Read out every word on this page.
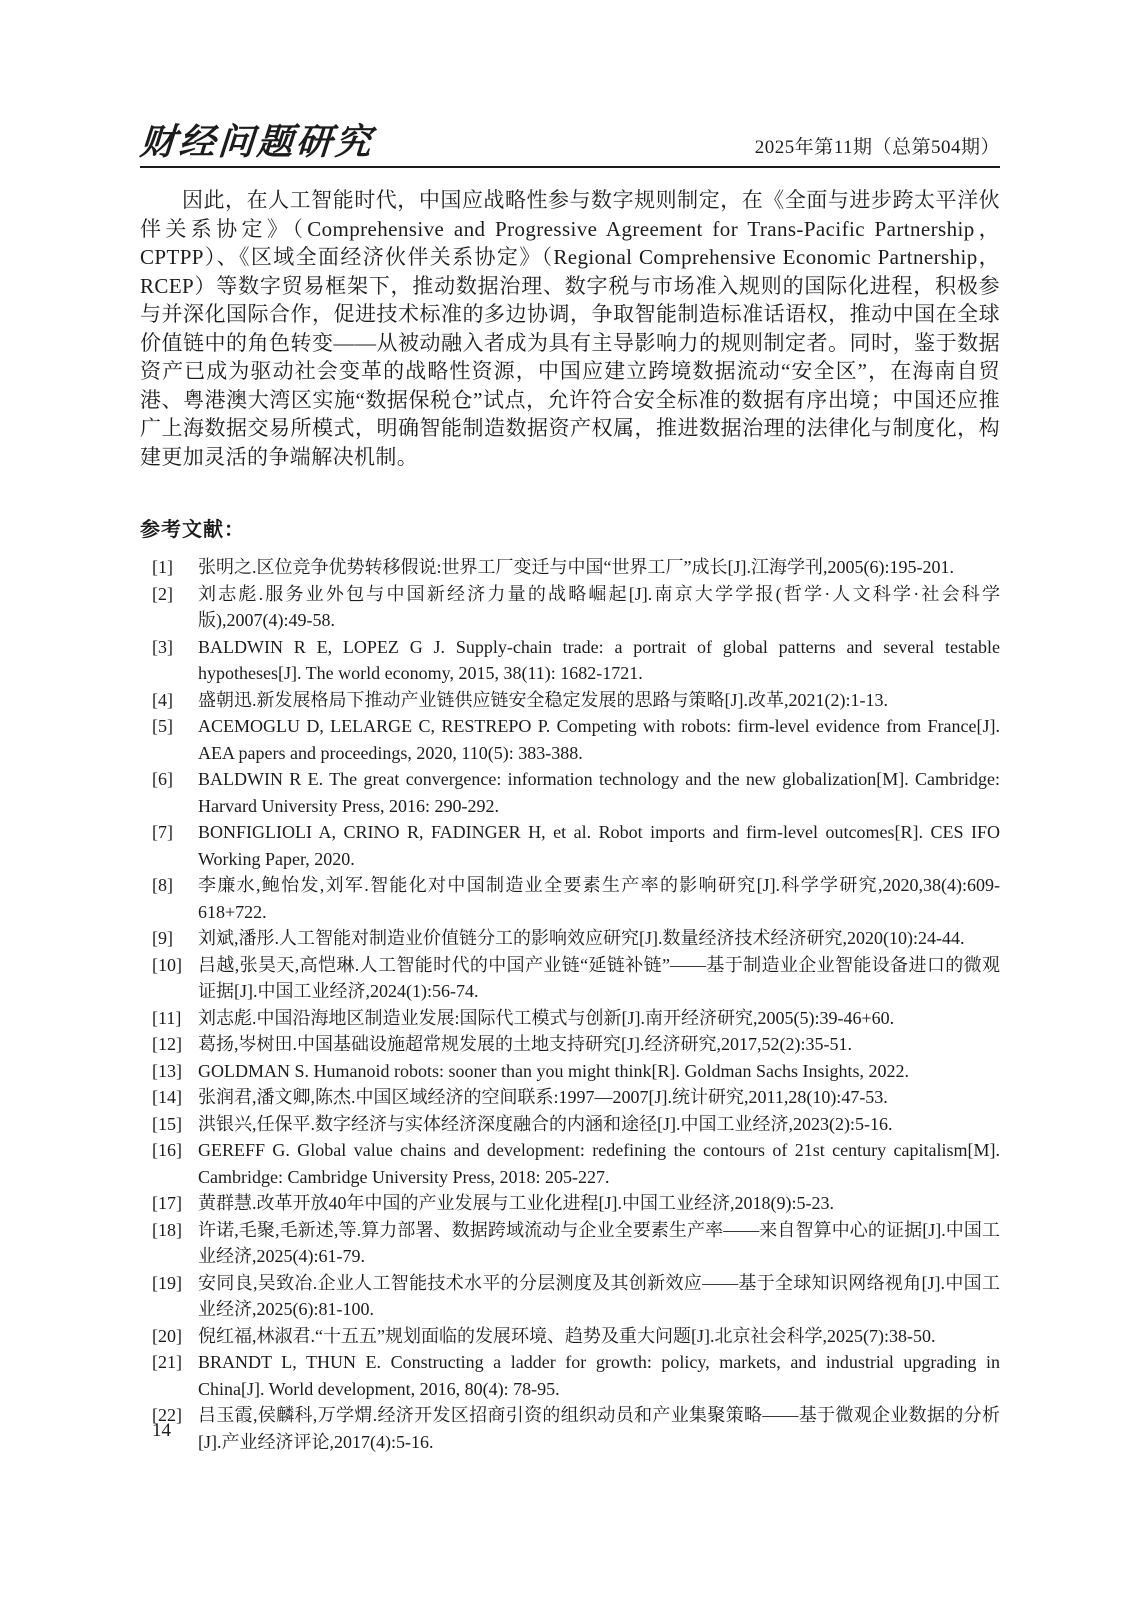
财经问题研究	2025年第11期（总第504期）

因此，在人工智能时代，中国应战略性参与数字规则制定，在《全面与进步跨太平洋伙伴关系协定》（Comprehensive and Progressive Agreement for Trans-Pacific Partnership，CPTPP）、《区域全面经济伙伴关系协定》（Regional Comprehensive Economic Partnership，RCEP）等数字贸易框架下，推动数据治理、数字税与市场准入规则的国际化进程，积极参与并深化国际合作，促进技术标准的多边协调，争取智能制造标准话语权，推动中国在全球价值链中的角色转变——从被动融入者成为具有主导影响力的规则制定者。同时，鉴于数据资产已成为驱动社会变革的战略性资源，中国应建立跨境数据流动“安全区”，在海南自贸港、粤港澳大湾区实施“数据保税仓”试点，允许符合安全标准的数据有序出境；中国还应推广上海数据交易所模式，明确智能制造数据资产权属，推进数据治理的法律化与制度化，构建更加灵活的争端解决机制。

参考文献：
[1] 张明之.区位竞争优势转移假说:世界工厂变迁与中国“世界工厂”成长[J].江海学刊,2005(6):195-201.
[2] 刘志彪.服务业外包与中国新经济力量的战略崛起[J].南京大学学报(哲学·人文科学·社会科学版),2007(4):49-58.
[3] BALDWIN R E, LOPEZ G J. Supply-chain trade: a portrait of global patterns and several testable hypotheses[J]. The world economy, 2015, 38(11): 1682-1721.
[4] 盛朝迅.新发展格局下推动产业链供应链安全稳定发展的思路与策略[J].改革,2021(2):1-13.
[5] ACEMOGLU D, LELARGE C, RESTREPO P. Competing with robots: firm-level evidence from France[J]. AEA papers and proceedings, 2020, 110(5): 383-388.
[6] BALDWIN R E. The great convergence: information technology and the new globalization[M]. Cambridge: Harvard University Press, 2016: 290-292.
[7] BONFIGLIOLI A, CRINO R, FADINGER H, et al. Robot imports and firm-level outcomes[R]. CES IFO Working Paper, 2020.
[8] 李廉水,鲍怡发,刘军.智能化对中国制造业全要素生产率的影响研究[J].科学学研究,2020,38(4):609-618+722.
[9] 刘斌,潘彤.人工智能对制造业价值链分工的影响效应研究[J].数量经济技术经济研究,2020(10):24-44.
[10] 吕越,张昊天,高恺琳.人工智能时代的中国产业链“延链补链”——基于制造业企业智能设备进口的微观证据[J].中国工业经济,2024(1):56-74.
[11] 刘志彪.中国沿海地区制造业发展:国际代工模式与创新[J].南开经济研究,2005(5):39-46+60.
[12] 葛扬,岑树田.中国基础设施超常规发展的土地支持研究[J].经济研究,2017,52(2):35-51.
[13] GOLDMAN S. Humanoid robots: sooner than you might think[R]. Goldman Sachs Insights, 2022.
[14] 张润君,潘文卿,陈杰.中国区域经济的空间联系:1997—2007[J].统计研究,2011,28(10):47-53.
[15] 洪银兴,任保平.数字经济与实体经济深度融合的内涵和途径[J].中国工业经济,2023(2):5-16.
[16] GEREFF G. Global value chains and development: redefining the contours of 21st century capitalism[M]. Cambridge: Cambridge University Press, 2018: 205-227.
[17] 黄群慧.改革开放40年中国的产业发展与工业化进程[J].中国工业经济,2018(9):5-23.
[18] 许诺,毛聚,毛新述,等.算力部署、数据跨域流动与企业全要素生产率——来自智算中心的证据[J].中国工业经济,2025(4):61-79.
[19] 安同良,吴致冶.企业人工智能技术水平的分层测度及其创新效应——基于全球知识网络视角[J].中国工业经济,2025(6):81-100.
[20] 倪红福,林淑君.“十五五”规划面临的发展环境、趋势及重大问题[J].北京社会科学,2025(7):38-50.
[21] BRANDT L, THUN E. Constructing a ladder for growth: policy, markets, and industrial upgrading in China[J]. World development, 2016, 80(4): 78-95.
[22] 吕玉霞,侯麟科,万学煟.经济开发区招商引资的组织动员和产业集聚策略——基于微观企业数据的分析[J].产业经济评论,2017(4):5-16.
14
